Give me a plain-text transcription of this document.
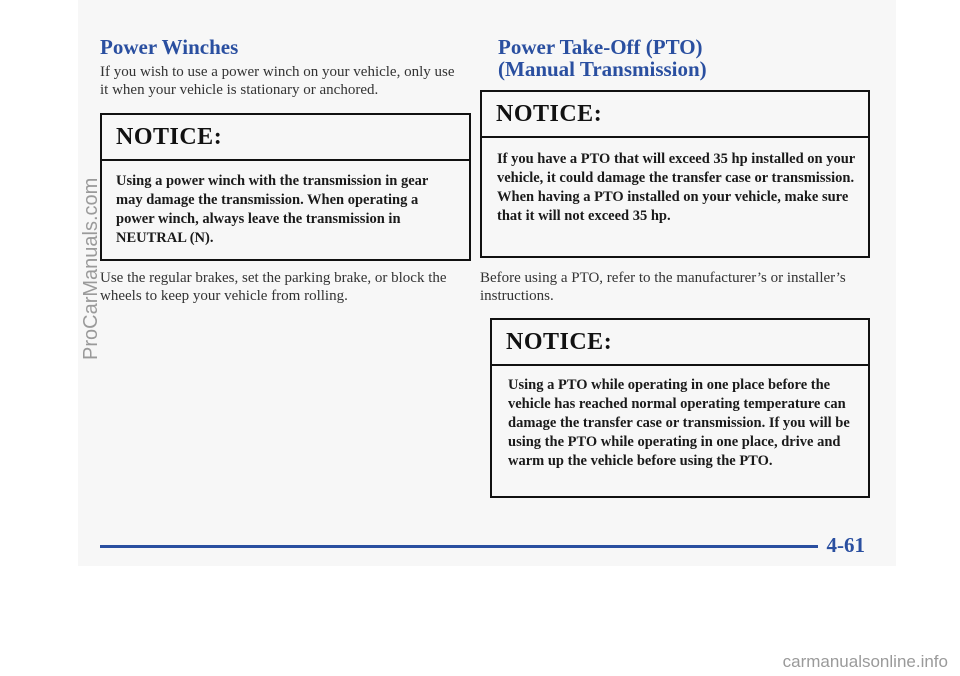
Power Winches

If you wish to use a power winch on your vehicle, only use it when your vehicle is stationary or anchored.

NOTICE:
Using a power winch with the transmission in gear may damage the transmission. When operating a power winch, always leave the transmission in NEUTRAL (N).

Use the regular brakes, set the parking brake, or block the wheels to keep your vehicle from rolling.

Power Take-Off (PTO)
(Manual Transmission)
NOTICE:
If you have a PTO that will exceed 35 hp installed on your vehicle, it could damage the transfer case or transmission. When having a PTO installed on your vehicle, make sure that it will not exceed 35 hp.

Before using a PTO, refer to the manufacturer’s or installer’s instructions.

NOTICE:
Using a PTO while operating in one place before the vehicle has reached normal operating temperature can damage the transfer case or transmission. If you will be using the PTO while operating in one place, drive and warm up the vehicle before using the PTO.
4-61
ProCarManuals.com
carmanualsonline.info
